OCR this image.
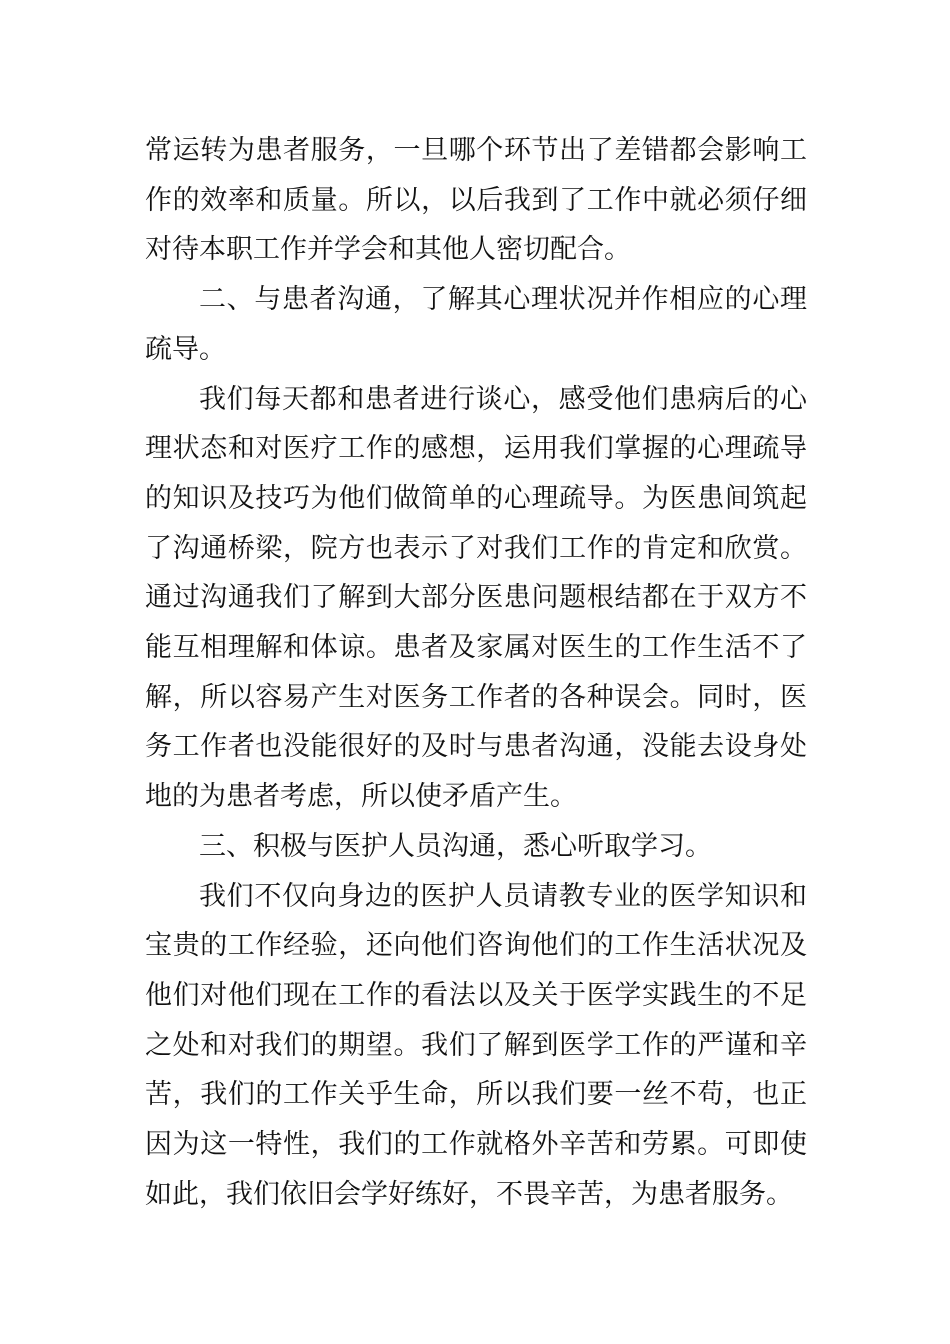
常运转为患者服务，一旦哪个环节出了差错都会影响工作的效率和质量。所以，以后我到了工作中就必须仔细对待本职工作并学会和其他人密切配合。

二、与患者沟通，了解其心理状况并作相应的心理疏导。

我们每天都和患者进行谈心，感受他们患病后的心理状态和对医疗工作的感想，运用我们掌握的心理疏导的知识及技巧为他们做简单的心理疏导。为医患间筑起了沟通桥梁，院方也表示了对我们工作的肯定和欣赏。通过沟通我们了解到大部分医患问题根结都在于双方不能互相理解和体谅。患者及家属对医生的工作生活不了解，所以容易产生对医务工作者的各种误会。同时，医务工作者也没能很好的及时与患者沟通，没能去设身处地的为患者考虑，所以使矛盾产生。

三、积极与医护人员沟通，悉心听取学习。

我们不仅向身边的医护人员请教专业的医学知识和宝贵的工作经验，还向他们咨询他们的工作生活状况及他们对他们现在工作的看法以及关于医学实践生的不足之处和对我们的期望。我们了解到医学工作的严谨和辛苦，我们的工作关乎生命，所以我们要一丝不苟，也正因为这一特性，我们的工作就格外辛苦和劳累。可即使如此，我们依旧会学好练好，不畏辛苦，为患者服务。
